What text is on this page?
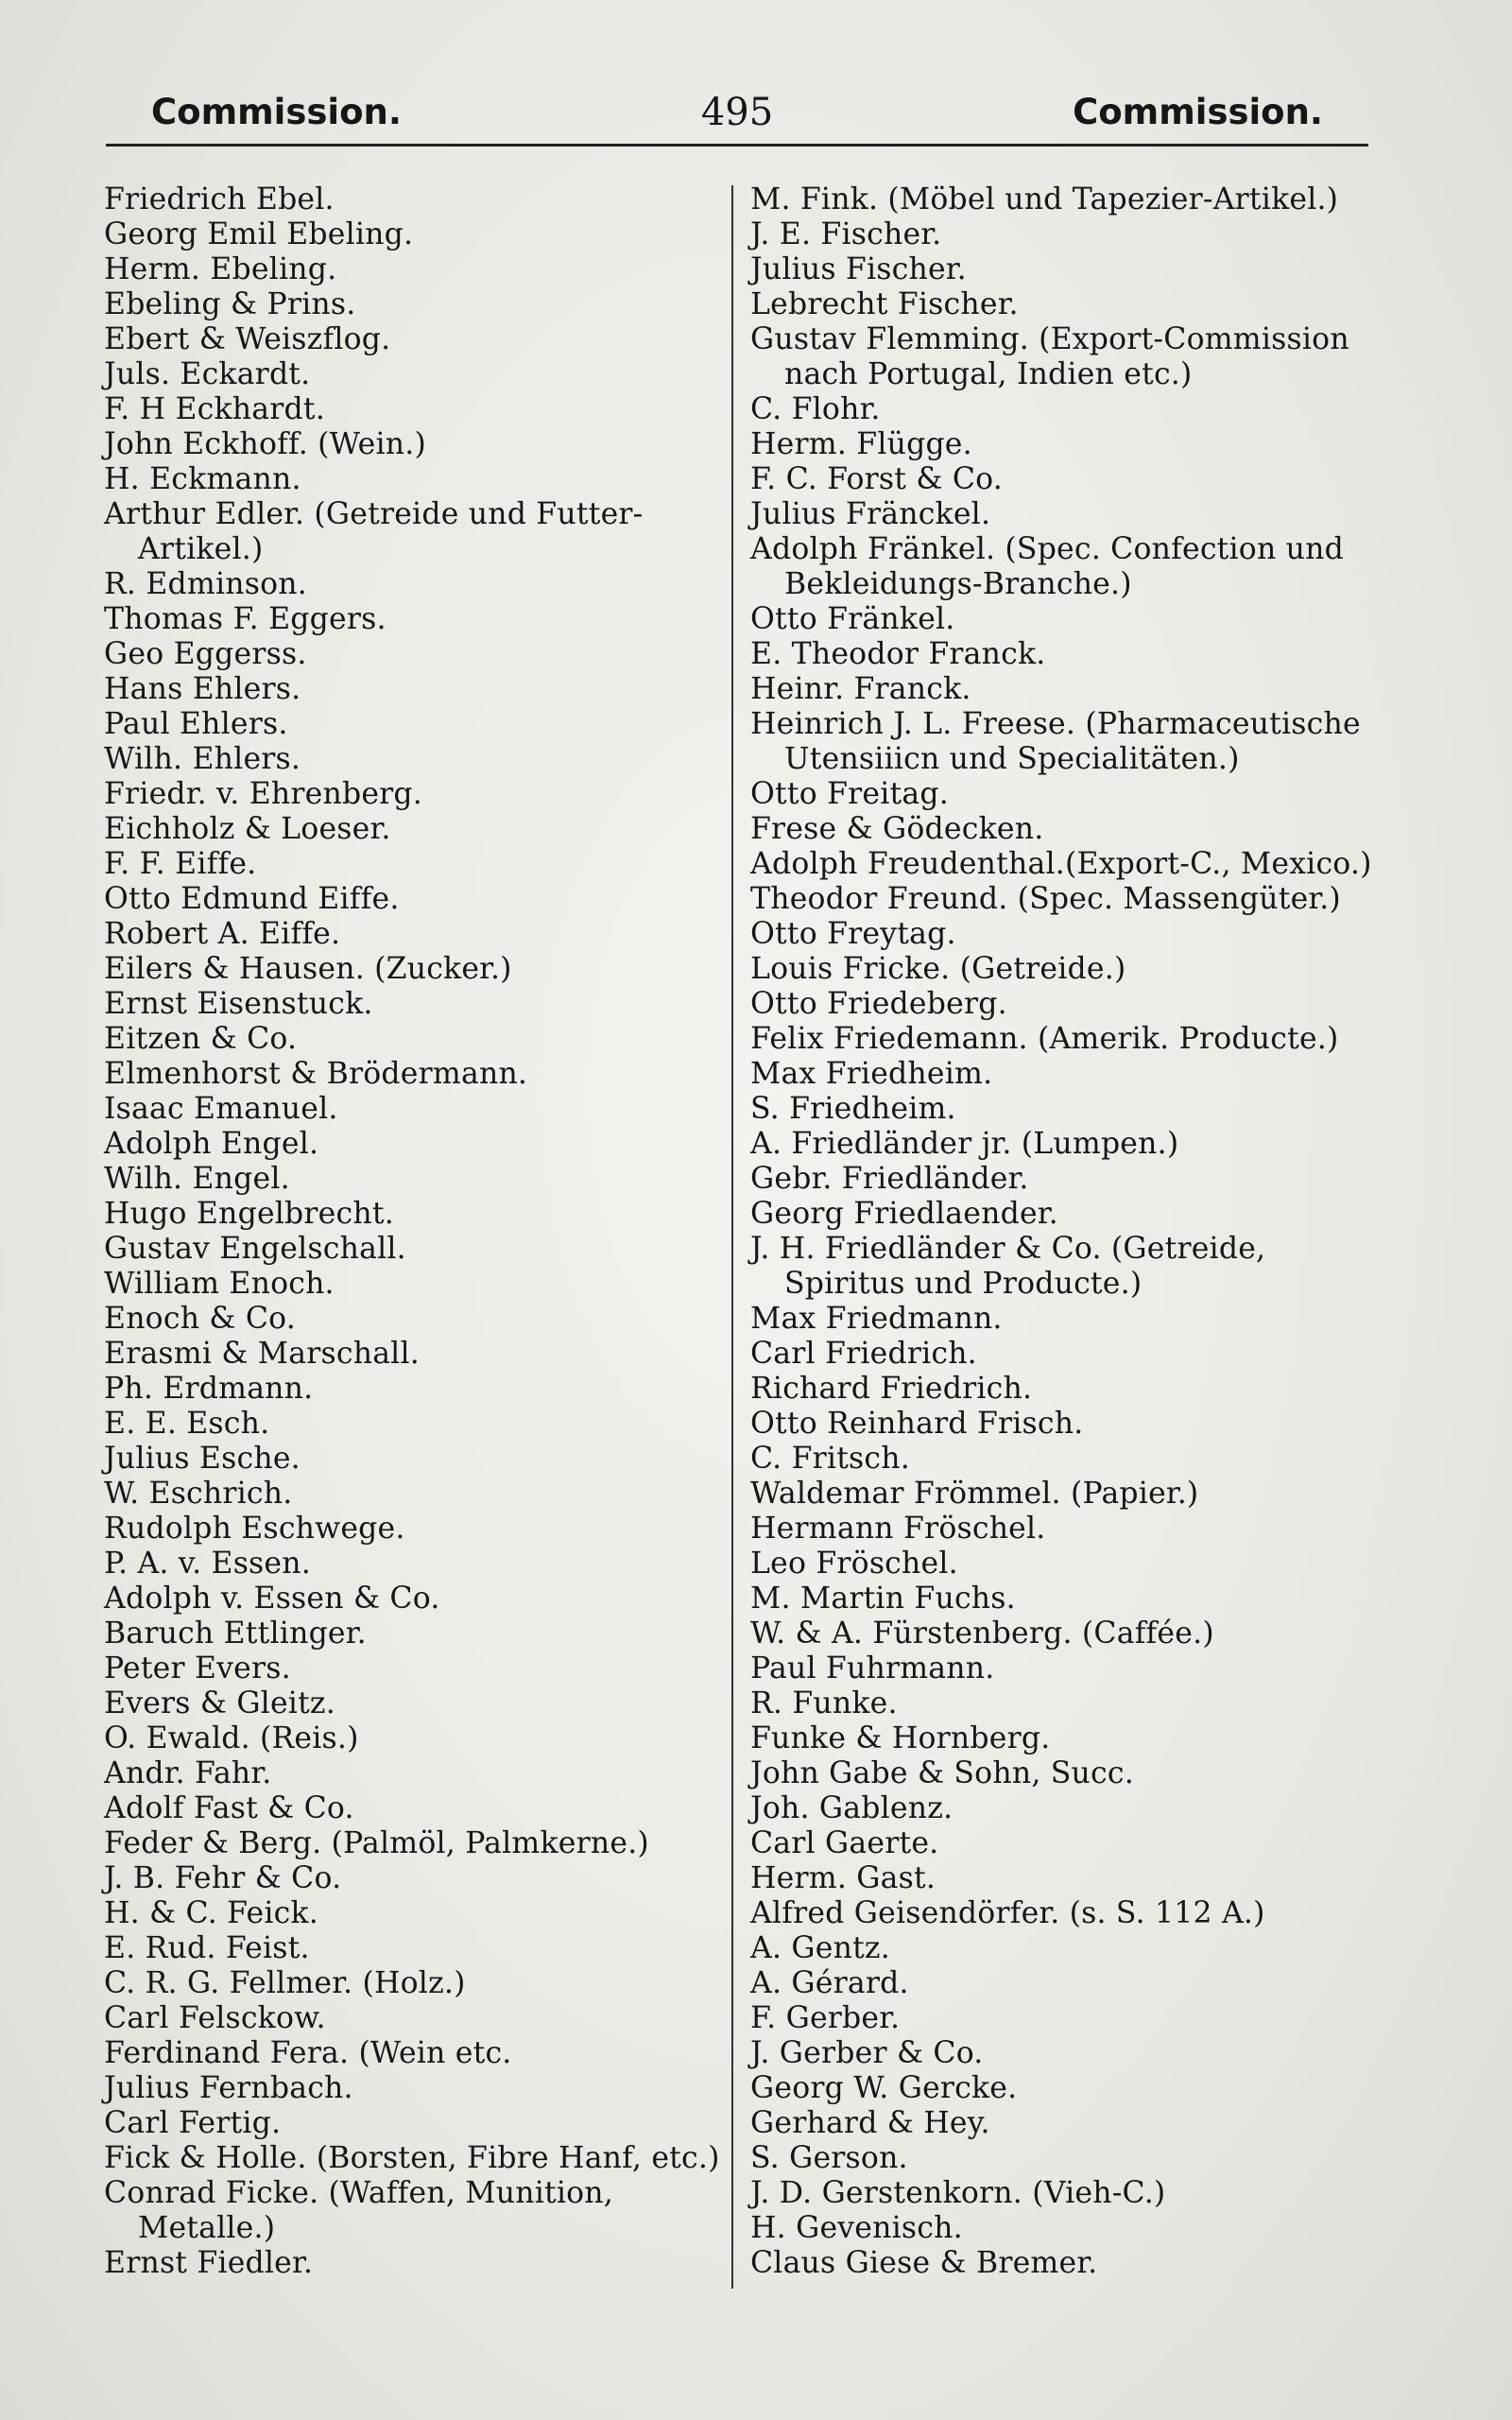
Commission.	495	Commission.
Friedrich Ebel.
Georg Emil Ebeling.
Herm. Ebeling.
Ebeling & Prins.
Ebert & Weiszflog.
Juls. Eckardt.
F. H Eckhardt.
John Eckhoff. (Wein.)
H. Eckmann.
Arthur Edler. (Getreide und Futter-
Artikel.)
R. Edminson.
Thomas F. Eggers.
Geo Eggerss.
Hans Ehlers.
Paul Ehlers.
Wilh. Ehlers.
Friedr. v. Ehrenberg.
Eichholz & Loeser.
F. F. Eiffe.
Otto Edmund Eiffe.
Robert A. Eiffe.
Eilers & Hausen. (Zucker.)
Ernst Eisenstuck.
Eitzen & Co.
Elmenhorst & Brödermann.
Isaac Emanuel.
Adolph Engel.
Wilh. Engel.
Hugo Engelbrecht.
Gustav Engelschall.
William Enoch.
Enoch & Co.
Erasmi & Marschall.
Ph. Erdmann.
E. E. Esch.
Julius Esche.
W. Eschrich.
Rudolph Eschwege.
P. A. v. Essen.
Adolph v. Essen & Co.
Baruch Ettlinger.
Peter Evers.
Evers & Gleitz.
O. Ewald. (Reis.)
Andr. Fahr.
Adolf Fast & Co.
Feder & Berg. (Palmöl, Palmkerne.)
J. B. Fehr & Co.
H. & C. Feick.
E. Rud. Feist.
C. R. G. Fellmer. (Holz.)
Carl Felsckow.
Ferdinand Fera. (Wein etc.
Julius Fernbach.
Carl Fertig.
Fick & Holle. (Borsten, Fibre Hanf, etc.)
Conrad Ficke. (Waffen, Munition,
Metalle.)
Ernst Fiedler.
M. Fink. (Möbel und Tapezier-Artikel.)
J. E. Fischer.
Julius Fischer.
Lebrecht Fischer.
Gustav Flemming. (Export-Commission
nach Portugal, Indien etc.)
C. Flohr.
Herm. Flügge.
F. C. Forst & Co.
Julius Fränckel.
Adolph Fränkel. (Spec. Confection und
Bekleidungs-Branche.)
Otto Fränkel.
E. Theodor Franck.
Heinr. Franck.
Heinrich J. L. Freese. (Pharmaceutische
Utensiiicn und Specialitäten.)
Otto Freitag.
Frese & Gödecken.
Adolph Freudenthal.(Export-C., Mexico.)
Theodor Freund. (Spec. Massengüter.)
Otto Freytag.
Louis Fricke. (Getreide.)
Otto Friedeberg.
Felix Friedemann. (Amerik. Producte.)
Max Friedheim.
S. Friedheim.
A. Friedländer jr. (Lumpen.)
Gebr. Friedländer.
Georg Friedlaender.
J. H. Friedländer & Co. (Getreide,
Spiritus und Producte.)
Max Friedmann.
Carl Friedrich.
Richard Friedrich.
Otto Reinhard Frisch.
C. Fritsch.
Waldemar Frömmel. (Papier.)
Hermann Fröschel.
Leo Fröschel.
M. Martin Fuchs.
W. & A. Fürstenberg. (Caffée.)
Paul Fuhrmann.
R. Funke.
Funke & Hornberg.
John Gabe & Sohn, Succ.
Joh. Gablenz.
Carl Gaerte.
Herm. Gast.
Alfred Geisendörfer. (s. S. 112 A.)
A. Gentz.
A. Gérard.
F. Gerber.
J. Gerber & Co.
Georg W. Gercke.
Gerhard & Hey.
S. Gerson.
J. D. Gerstenkorn. (Vieh-C.)
H. Gevenisch.
Claus Giese & Bremer.
